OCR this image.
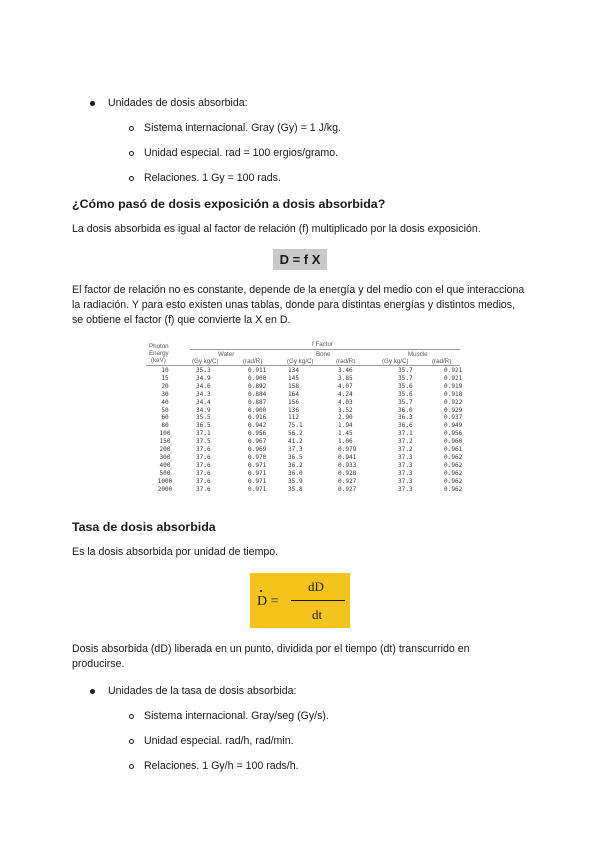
Unidades de dosis absorbida:
Sistema internacional. Gray (Gy) = 1 J/kg.
Unidad especial. rad = 100 ergios/gramo.
Relaciones. 1 Gy = 100 rads.
¿Cómo pasó de dosis exposición a dosis absorbida?
La dosis absorbida es igual al factor de relación (f) multiplicado por la dosis exposición.
D = f X
El factor de relación no es constante, depende de la energía y del medio con el que interacciona la radiación. Y para esto existen unas tablas, donde para distintas energías y distintos medios, se obtiene el factor (f) que convierte la X en D.
Photon
Energy
(keV)
f Factor
Water	Bone	Muscle
(Gy kg/C)	(rad/R)	(Gy kg/C)	(rad/R)	(Gy kg/C)	(rad/R)
10	35.3	0.911	134	3.46	35.7	0.921
15	34.9	0.900	145	3.85	35.7	0.921
20	34.6	0.892	158	4.07	35.6	0.919
30	34.3	0.884	164	4.24	35.6	0.918
40	34.4	0.887	156	4.03	35.7	0.922
50	34.9	0.900	136	3.52	36.0	0.929
60	35.5	0.916	112	2.90	36.3	0.937
80	36.5	0.942	75.1	1.94	36.6	0.949
100	37.1	0.956	56.2	1.45	37.1	0.956
150	37.5	0.967	41.2	1.06	37.2	0.960
200	37.6	0.969	37.3	0.979	37.2	0.961
300	37.6	0.970	36.5	0.941	37.3	0.962
400	37.6	0.971	36.2	0.933	37.3	0.962
500	37.6	0.971	36.0	0.928	37.3	0.962
1000	37.6	0.971	35.9	0.927	37.3	0.962
2000	37.6	0.971	35.8	0.927	37.3	0.962
Tasa de dosis absorbida
Es la dosis absorbida por unidad de tiempo.
D =
dD
dt
Dosis absorbida (dD) liberada en un punto, dividida por el tiempo (dt) transcurrido en producirse.
Unidades de la tasa de dosis absorbida:
Sistema internacional. Gray/seg (Gy/s).
Unidad especial. rad/h, rad/min.
Relaciones. 1 Gy/h = 100 rads/h.
